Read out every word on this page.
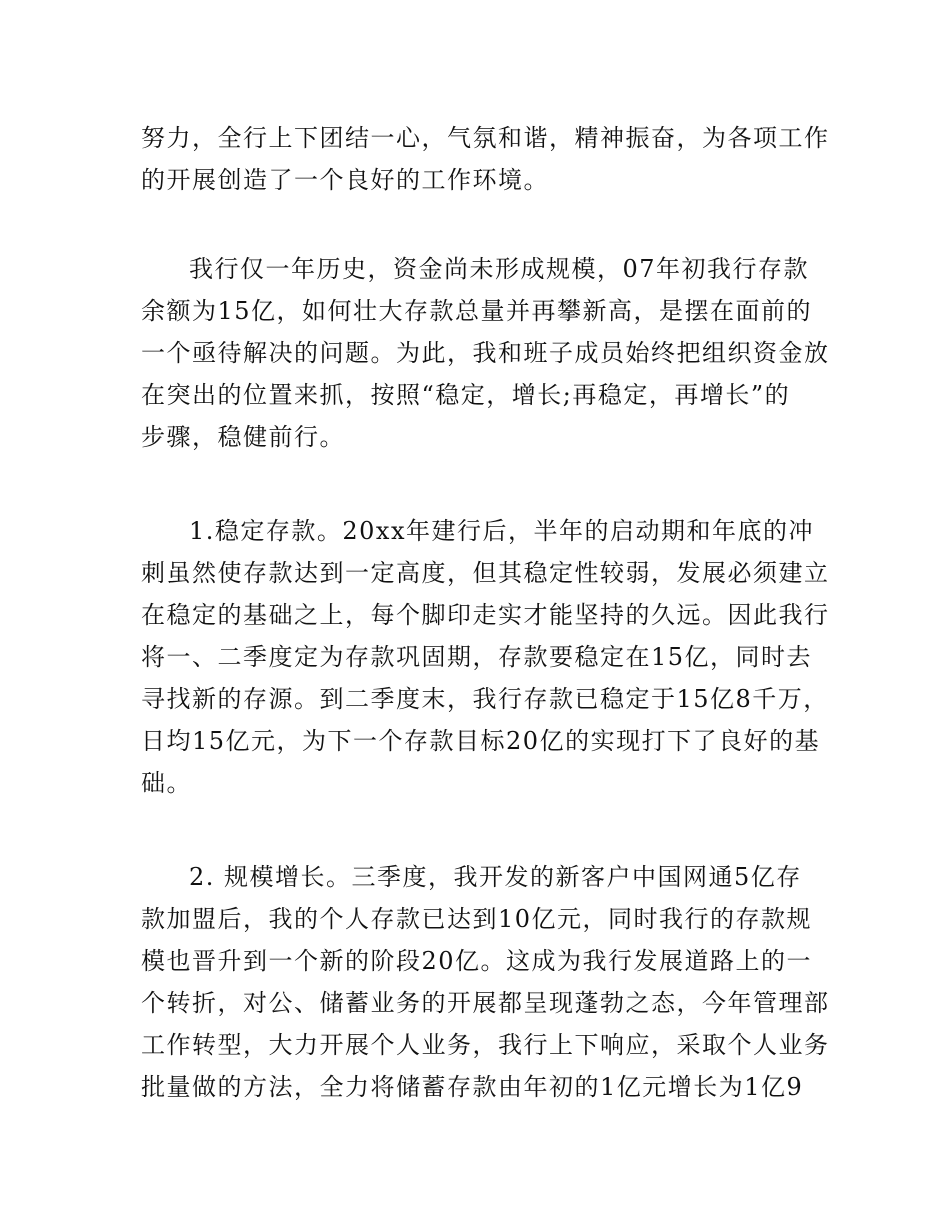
努力，全行上下团结一心，气氛和谐，精神振奋，为各项工作
的开展创造了一个良好的工作环境。
我行仅一年历史，资金尚未形成规模，07年初我行存款
余额为15亿，如何壮大存款总量并再攀新高，是摆在面前的
一个亟待解决的问题。为此，我和班子成员始终把组织资金放
在突出的位置来抓，按照“稳定，增长;再稳定，再增长”的
步骤，稳健前行。
1.稳定存款。20xx年建行后，半年的启动期和年底的冲
刺虽然使存款达到一定高度，但其稳定性较弱，发展必须建立
在稳定的基础之上，每个脚印走实才能坚持的久远。因此我行
将一、二季度定为存款巩固期，存款要稳定在15亿，同时去
寻找新的存源。到二季度末，我行存款已稳定于15亿8千万，
日均15亿元，为下一个存款目标20亿的实现打下了良好的基
础。
2. 规模增长。三季度，我开发的新客户中国网通5亿存
款加盟后，我的个人存款已达到10亿元，同时我行的存款规
模也晋升到一个新的阶段20亿。这成为我行发展道路上的一
个转折，对公、储蓄业务的开展都呈现蓬勃之态，今年管理部
工作转型，大力开展个人业务，我行上下响应，采取个人业务
批量做的方法，全力将储蓄存款由年初的1亿元增长为1亿9
